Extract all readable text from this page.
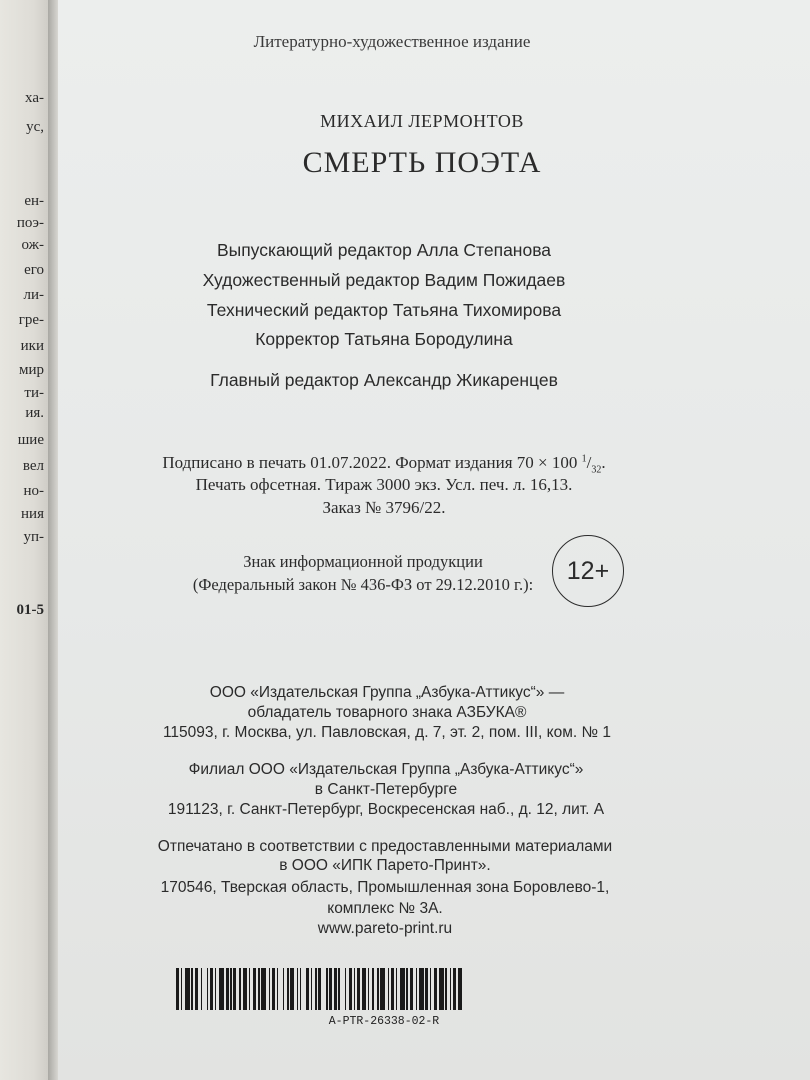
ха-
ус,
ен-
поэ-
ож-
его
ли-
гре-
ики
мир
ти-
ия.
шие
вел
но-
ния
уп-
01-5
Литературно-художественное издание
МИХАИЛ ЛЕРМОНТОВ
СМЕРТЬ ПОЭТА
Выпускающий редактор Алла Степанова
Художественный редактор Вадим Пожидаев
Технический редактор Татьяна Тихомирова
Корректор Татьяна Бородулина
Главный редактор Александр Жикаренцев
Подписано в печать 01.07.2022. Формат издания 70 × 100 $^1/_{32}$.
Печать офсетная. Тираж 3000 экз. Усл. печ. л. 16,13.
Заказ № 3796/22.
Знак информационной продукции
(Федеральный закон № 436-ФЗ от 29.12.2010 г.):	12+
ООО «Издательская Группа „Азбука-Аттикус“» —
обладатель товарного знака АЗБУКА®
115093, г. Москва, ул. Павловская, д. 7, эт. 2, пом. III, ком. № 1
Филиал ООО «Издательская Группа „Азбука-Аттикус“»
в Санкт-Петербурге
191123, г. Санкт-Петербург, Воскресенская наб., д. 12, лит. А
Отпечатано в соответствии с предоставленными материалами
в ООО «ИПК Парето-Принт».
170546, Тверская область, Промышленная зона Боровлево-1,
комплекс № 3А.
www.pareto-print.ru
A-PTR-26338-02-R
